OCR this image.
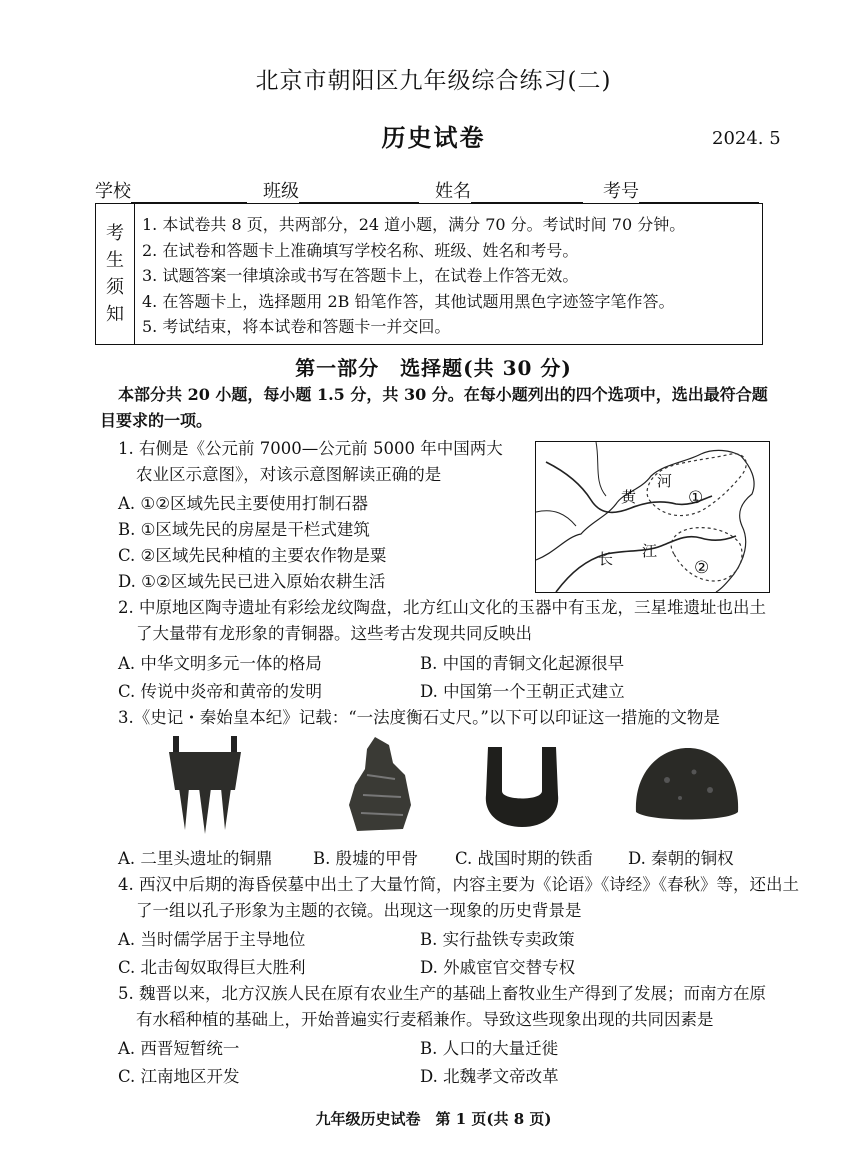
北京市朝阳区九年级综合练习(二)
历史试卷	2024. 5
学校	班级	姓名	考号
考
生
须
知
1. 本试卷共 8 页，共两部分，24 道小题，满分 70 分。考试时间 70 分钟。
2. 在试卷和答题卡上准确填写学校名称、班级、姓名和考号。
3. 试题答案一律填涂或书写在答题卡上，在试卷上作答无效。
4. 在答题卡上，选择题用 2B 铅笔作答，其他试题用黑色字迹签字笔作答。
5. 考试结束，将本试卷和答题卡一并交回。
第一部分　选择题(共 30 分)
本部分共 20 小题，每小题 1.5 分，共 30 分。在每小题列出的四个选项中，选出最符合题目要求的一项。
1. 右侧是《公元前 7000—公元前 5000 年中国两大
农业区示意图》，对该示意图解读正确的是
A. ①②区域先民主要使用打制石器
B. ①区域先民的房屋是干栏式建筑
C. ②区域先民种植的主要农作物是粟
D. ①②区域先民已进入原始农耕生活
河
黄
长 江
①
②
2. 中原地区陶寺遗址有彩绘龙纹陶盘，北方红山文化的玉器中有玉龙，三星堆遗址也出土
了大量带有龙形象的青铜器。这些考古发现共同反映出
A. 中华文明多元一体的格局	B. 中国的青铜文化起源很早
C. 传说中炎帝和黄帝的发明	D. 中国第一个王朝正式建立
3.《史记・秦始皇本纪》记载：“一法度衡石丈尺。”以下可以印证这一措施的文物是
A. 二里头遗址的铜鼎 B. 殷墟的甲骨 C. 战国时期的铁臿 D. 秦朝的铜权
4. 西汉中后期的海昏侯墓中出土了大量竹简，内容主要为《论语》《诗经》《春秋》等，还出土
了一组以孔子形象为主题的衣镜。出现这一现象的历史背景是
A. 当时儒学居于主导地位	B. 实行盐铁专卖政策
C. 北击匈奴取得巨大胜利	D. 外戚宦官交替专权
5. 魏晋以来，北方汉族人民在原有农业生产的基础上畜牧业生产得到了发展；而南方在原
有水稻种植的基础上，开始普遍实行麦稻兼作。导致这些现象出现的共同因素是
A. 西晋短暂统一	B. 人口的大量迁徙
C. 江南地区开发	D. 北魏孝文帝改革
九年级历史试卷　第 1 页(共 8 页)
